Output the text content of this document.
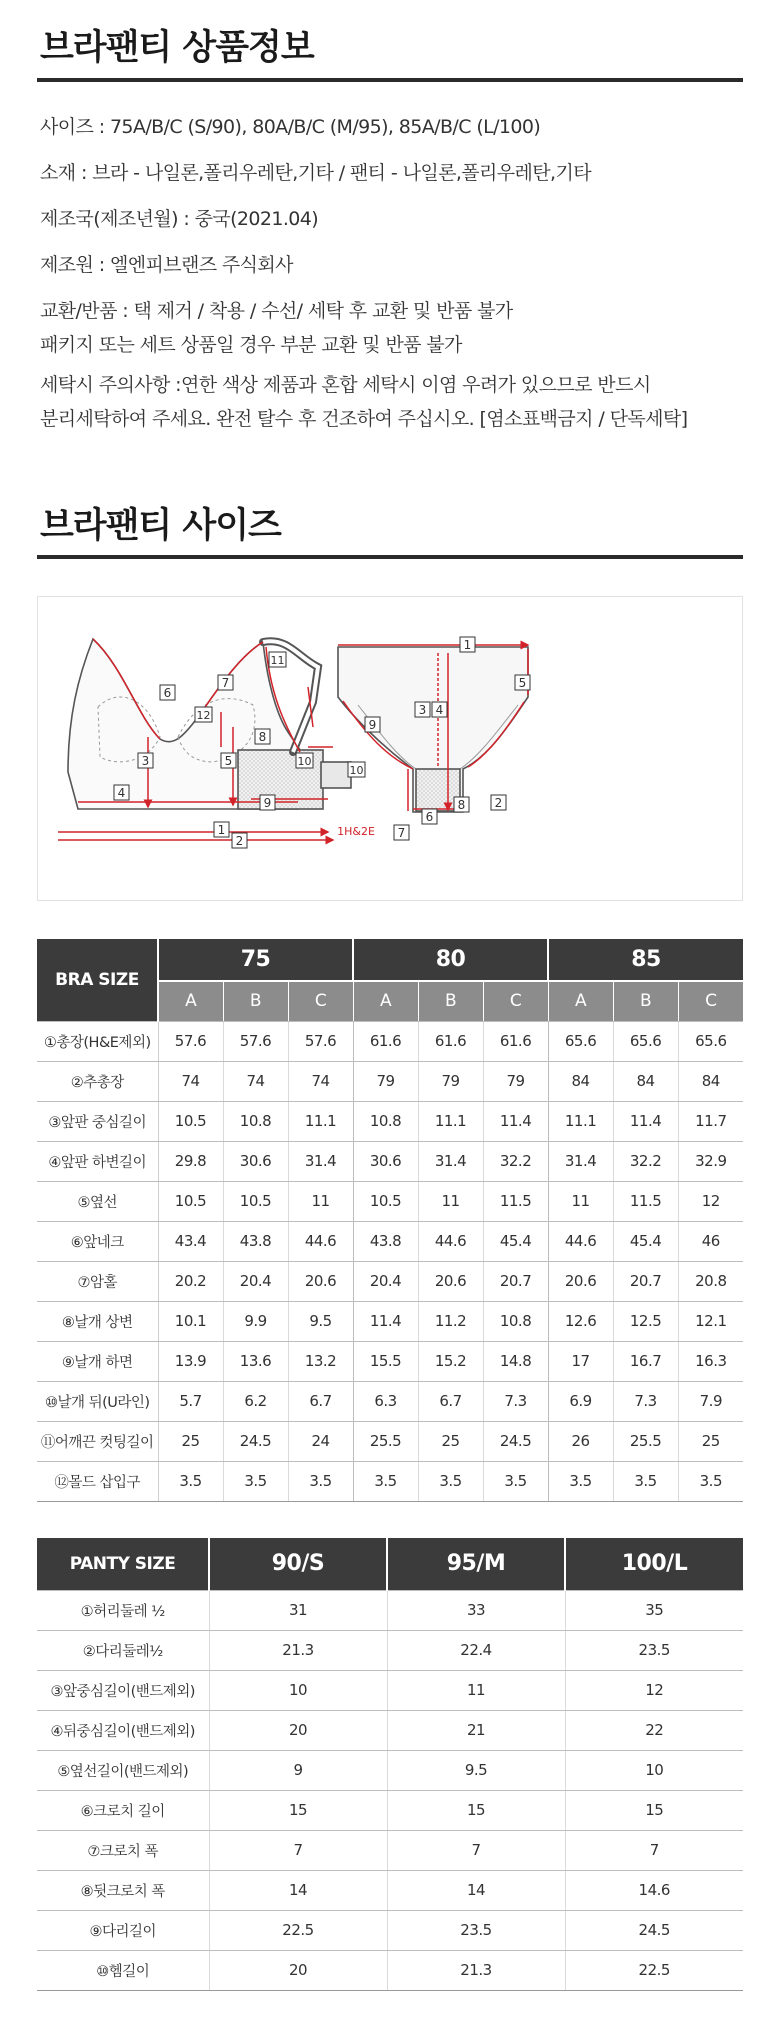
브라팬티 상품정보
사이즈 : 75A/B/C (S/90), 80A/B/C (M/95), 85A/B/C (L/100)
소재 : 브라 - 나일론,폴리우레탄,기타 / 팬티 - 나일론,폴리우레탄,기타
제조국(제조년월) : 중국(2021.04)
제조원 : 엘엔피브랜즈 주식회사
교환/반품 : 택 제거 / 착용 / 수선/ 세탁 후 교환 및 반품 불가
패키지 또는 세트 상품일 경우 부분 교환 및 반품 불가
세탁시 주의사항 :연한 색상 제품과 혼합 세탁시 이염 우려가 있으므로 반드시
분리세탁하여 주세요. 완전 탈수 후 건조하여 주십시오. [염소표백금지 / 단독세탁]
브라팬티 사이즈
1
2
3
4
5
6
7
8
9
10
11
12
1H&2E
1
2
3 4
5
6
7
8
9
10
BRA SIZE	75			80			85		
	A	B	C	A	B	C	A	B	C
①총장(H&E제외)	57.6	57.6	57.6	61.6	61.6	61.6	65.6	65.6	65.6
②추총장	74	74	74	79	79	79	84	84	84
③앞판 중심길이	10.5	10.8	11.1	10.8	11.1	11.4	11.1	11.4	11.7
④앞판 하변길이	29.8	30.6	31.4	30.6	31.4	32.2	31.4	32.2	32.9
⑤옆선	10.5	10.5	11	10.5	11	11.5	11	11.5	12
⑥앞네크	43.4	43.8	44.6	43.8	44.6	45.4	44.6	45.4	46
⑦암홀	20.2	20.4	20.6	20.4	20.6	20.7	20.6	20.7	20.8
⑧날개 상변	10.1	9.9	9.5	11.4	11.2	10.8	12.6	12.5	12.1
⑨날개 하면	13.9	13.6	13.2	15.5	15.2	14.8	17	16.7	16.3
⑩날개 뒤(U라인)	5.7	6.2	6.7	6.3	6.7	7.3	6.9	7.3	7.9
⑪어깨끈 컷팅길이	25	24.5	24	25.5	25	24.5	26	25.5	25
⑫몰드 삽입구	3.5	3.5	3.5	3.5	3.5	3.5	3.5	3.5	3.5
PANTY SIZE	90/S	95/M	100/L
①허리둘레 ½	31	33	35
②다리둘레½	21.3	22.4	23.5
③앞중심길이(밴드제외)	10	11	12
④뒤중심길이(밴드제외)	20	21	22
⑤옆선길이(밴드제외)	9	9.5	10
⑥크로치 길이	15	15	15
⑦크로치 폭	7	7	7
⑧뒷크로치 폭	14	14	14.6
⑨다리길이	22.5	23.5	24.5
⑩헴길이	20	21.3	22.5
